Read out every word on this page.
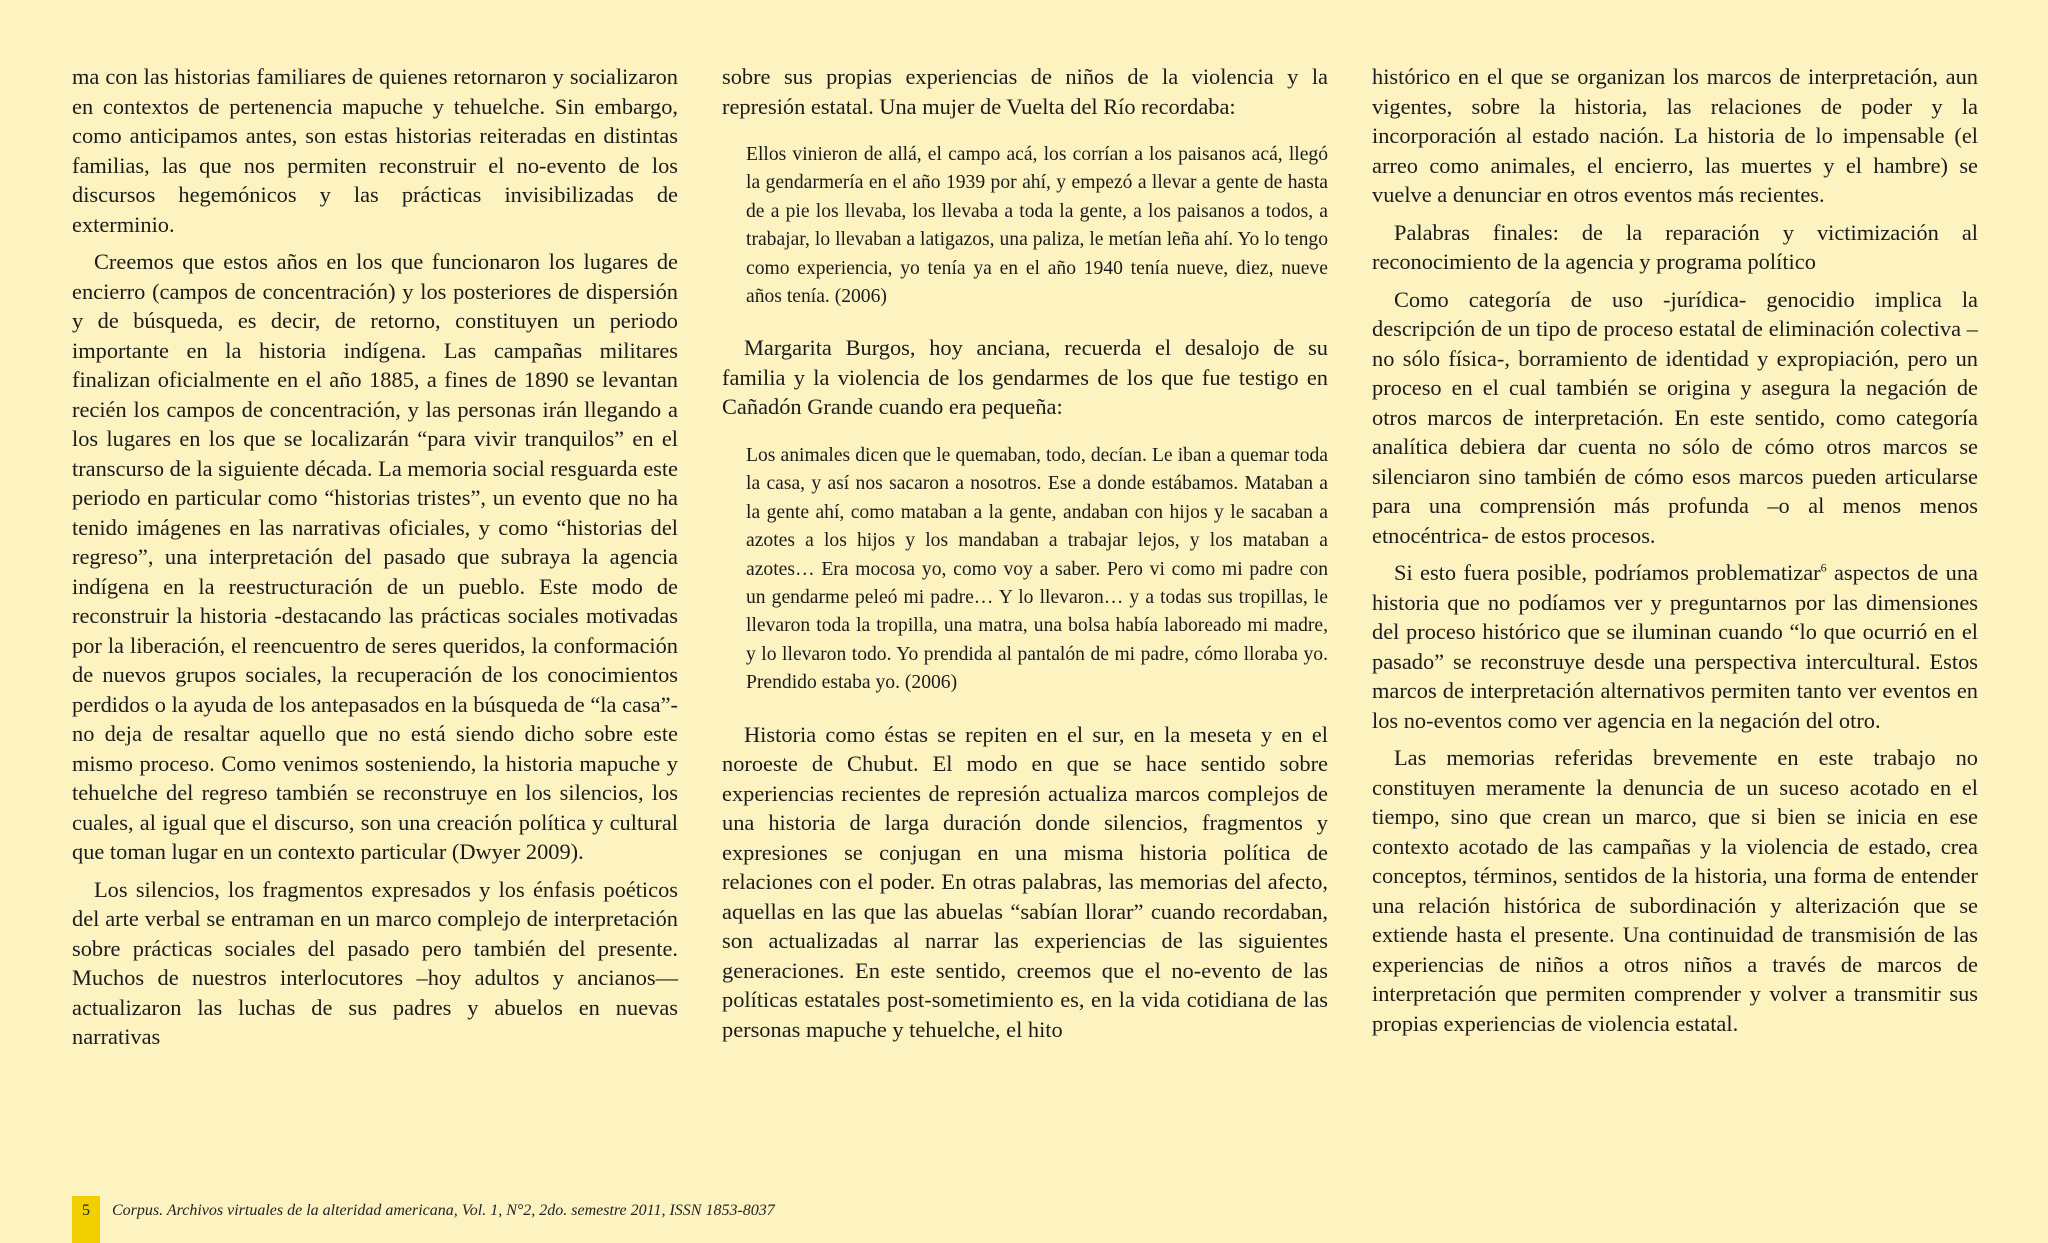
ma con las historias familiares de quienes retornaron y socializaron en contextos de pertenencia mapuche y tehuelche. Sin embargo, como anticipamos antes, son estas historias reiteradas en distintas familias, las que nos permiten reconstruir el no-evento de los discursos hegemónicos y las prácticas invisibilizadas de exterminio.

Creemos que estos años en los que funcionaron los lugares de encierro (campos de concentración) y los posteriores de dispersión y de búsqueda, es decir, de retorno, constituyen un periodo importante en la historia indígena. Las campañas militares finalizan oficialmente en el año 1885, a fines de 1890 se levantan recién los campos de concentración, y las personas irán llegando a los lugares en los que se localizarán “para vivir tranquilos” en el transcurso de la siguiente década. La memoria social resguarda este periodo en particular como “historias tristes”, un evento que no ha tenido imágenes en las narrativas oficiales, y como “historias del regreso”, una interpretación del pasado que subraya la agencia indígena en la reestructuración de un pueblo. Este modo de reconstruir la historia -destacando las prácticas sociales motivadas por la liberación, el reencuentro de seres queridos, la conformación de nuevos grupos sociales, la recuperación de los conocimientos perdidos o la ayuda de los antepasados en la búsqueda de “la casa”- no deja de resaltar aquello que no está siendo dicho sobre este mismo proceso. Como venimos sosteniendo, la historia mapuche y tehuelche del regreso también se reconstruye en los silencios, los cuales, al igual que el discurso, son una creación política y cultural que toman lugar en un contexto particular (Dwyer 2009).

Los silencios, los fragmentos expresados y los énfasis poéticos del arte verbal se entraman en un marco complejo de interpretación sobre prácticas sociales del pasado pero también del presente. Muchos de nuestros interlocutores –hoy adultos y ancianos— actualizaron las luchas de sus padres y abuelos en nuevas narrativas

sobre sus propias experiencias de niños de la violencia y la represión estatal. Una mujer de Vuelta del Río recordaba:

Ellos vinieron de allá, el campo acá, los corrían a los paisanos acá, llegó la gendarmería en el año 1939 por ahí, y empezó a llevar a gente de hasta de a pie los llevaba, los llevaba a toda la gente, a los paisanos a todos, a trabajar, lo llevaban a latigazos, una paliza, le metían leña ahí. Yo lo tengo como experiencia, yo tenía ya en el año 1940 tenía nueve, diez, nueve años tenía. (2006)

Margarita Burgos, hoy anciana, recuerda el desalojo de su familia y la violencia de los gendarmes de los que fue testigo en Cañadón Grande cuando era pequeña:

Los animales dicen que le quemaban, todo, decían. Le iban a quemar toda la casa, y así nos sacaron a nosotros. Ese a donde estábamos. Mataban a la gente ahí, como mataban a la gente, andaban con hijos y le sacaban a azotes a los hijos y los mandaban a trabajar lejos, y los mataban a azotes… Era mocosa yo, como voy a saber. Pero vi como mi padre con un gendarme peleó mi padre… Y lo llevaron… y a todas sus tropillas, le llevaron toda la tropilla, una matra, una bolsa había laboreado mi madre, y lo llevaron todo. Yo prendida al pantalón de mi padre, cómo lloraba yo. Prendido estaba yo. (2006)

Historia como éstas se repiten en el sur, en la meseta y en el noroeste de Chubut. El modo en que se hace sentido sobre experiencias recientes de represión actualiza marcos complejos de una historia de larga duración donde silencios, fragmentos y expresiones se conjugan en una misma historia política de relaciones con el poder. En otras palabras, las memorias del afecto, aquellas en las que las abuelas “sabían llorar” cuando recordaban, son actualizadas al narrar las experiencias de las siguientes generaciones. En este sentido, creemos que el no-evento de las políticas estatales post-sometimiento es, en la vida cotidiana de las personas mapuche y tehuelche, el hito

histórico en el que se organizan los marcos de interpretación, aun vigentes, sobre la historia, las relaciones de poder y la incorporación al estado nación. La historia de lo impensable (el arreo como animales, el encierro, las muertes y el hambre) se vuelve a denunciar en otros eventos más recientes.

Palabras finales: de la reparación y victimización al reconocimiento de la agencia y programa político

Como categoría de uso -jurídica- genocidio implica la descripción de un tipo de proceso estatal de eliminación colectiva –no sólo física-, borramiento de identidad y expropiación, pero un proceso en el cual también se origina y asegura la negación de otros marcos de interpretación. En este sentido, como categoría analítica debiera dar cuenta no sólo de cómo otros marcos se silenciaron sino también de cómo esos marcos pueden articularse para una comprensión más profunda –o al menos menos etnocéntrica- de estos procesos.

Si esto fuera posible, podríamos problematizar$^6$ aspectos de una historia que no podíamos ver y preguntarnos por las dimensiones del proceso histórico que se iluminan cuando “lo que ocurrió en el pasado” se reconstruye desde una perspectiva intercultural. Estos marcos de interpretación alternativos permiten tanto ver eventos en los no-eventos como ver agencia en la negación del otro.

Las memorias referidas brevemente en este trabajo no constituyen meramente la denuncia de un suceso acotado en el tiempo, sino que crean un marco, que si bien se inicia en ese contexto acotado de las campañas y la violencia de estado, crea conceptos, términos, sentidos de la historia, una forma de entender una relación histórica de subordinación y alterización que se extiende hasta el presente. Una continuidad de transmisión de las experiencias de niños a otros niños a través de marcos de interpretación que permiten comprender y volver a transmitir sus propias experiencias de violencia estatal.

5	Corpus. Archivos virtuales de la alteridad americana, Vol. 1, N°2, 2do. semestre 2011, ISSN 1853-8037
